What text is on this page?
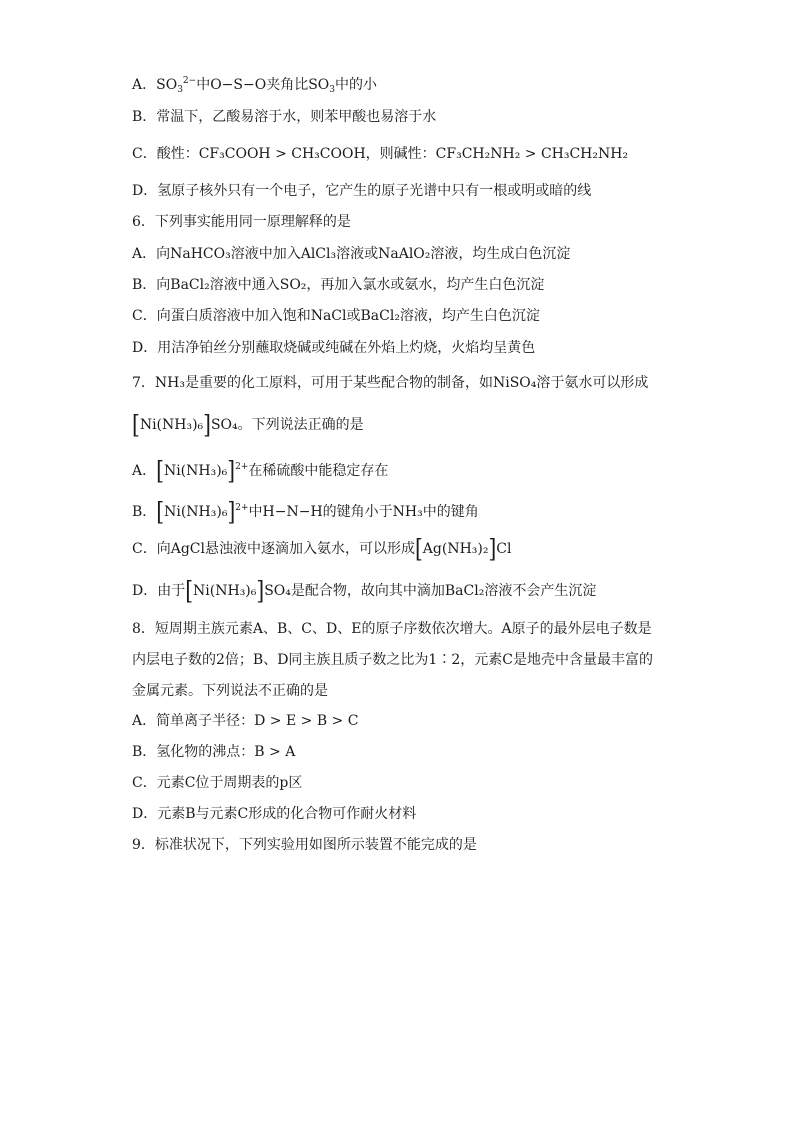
A．$SO_3^{2-}$中O−S−O夹角比$SO_3$中的小
B．常温下，乙酸易溶于水，则苯甲酸也易溶于水
C．酸性：CF₃COOH > CH₃COOH，则碱性：CF₃CH₂NH₂ > CH₃CH₂NH₂
D．氢原子核外只有一个电子，它产生的原子光谱中只有一根或明或暗的线
6．下列事实能用同一原理解释的是
A．向NaHCO₃溶液中加入AlCl₃溶液或NaAlO₂溶液，均生成白色沉淀
B．向BaCl₂溶液中通入SO₂，再加入氯水或氨水，均产生白色沉淀
C．向蛋白质溶液中加入饱和NaCl或BaCl₂溶液，均产生白色沉淀
D．用洁净铂丝分别蘸取烧碱或纯碱在外焰上灼烧，火焰均呈黄色
7．NH₃是重要的化工原料，可用于某些配合物的制备，如NiSO₄溶于氨水可以形成
[Ni(NH₃)₆]SO₄。下列说法正确的是
A．$[Ni(NH_3)_6]^{2+}$在稀硫酸中能稳定存在
B．$[Ni(NH_3)_6]^{2+}$中H−N−H的键角小于NH₃中的键角
C．向AgCl悬浊液中逐滴加入氨水，可以形成[Ag(NH₃)₂]Cl
D．由于[Ni(NH₃)₆]SO₄是配合物，故向其中滴加BaCl₂溶液不会产生沉淀
8．短周期主族元素A、B、C、D、E的原子序数依次增大。A原子的最外层电子数是
内层电子数的2倍；B、D同主族且质子数之比为1∶2，元素C是地壳中含量最丰富的
金属元素。下列说法不正确的是
A．简单离子半径：D > E > B > C
B．氢化物的沸点：B > A
C．元素C位于周期表的p区
D．元素B与元素C形成的化合物可作耐火材料
9．标准状况下，下列实验用如图所示装置不能完成的是
